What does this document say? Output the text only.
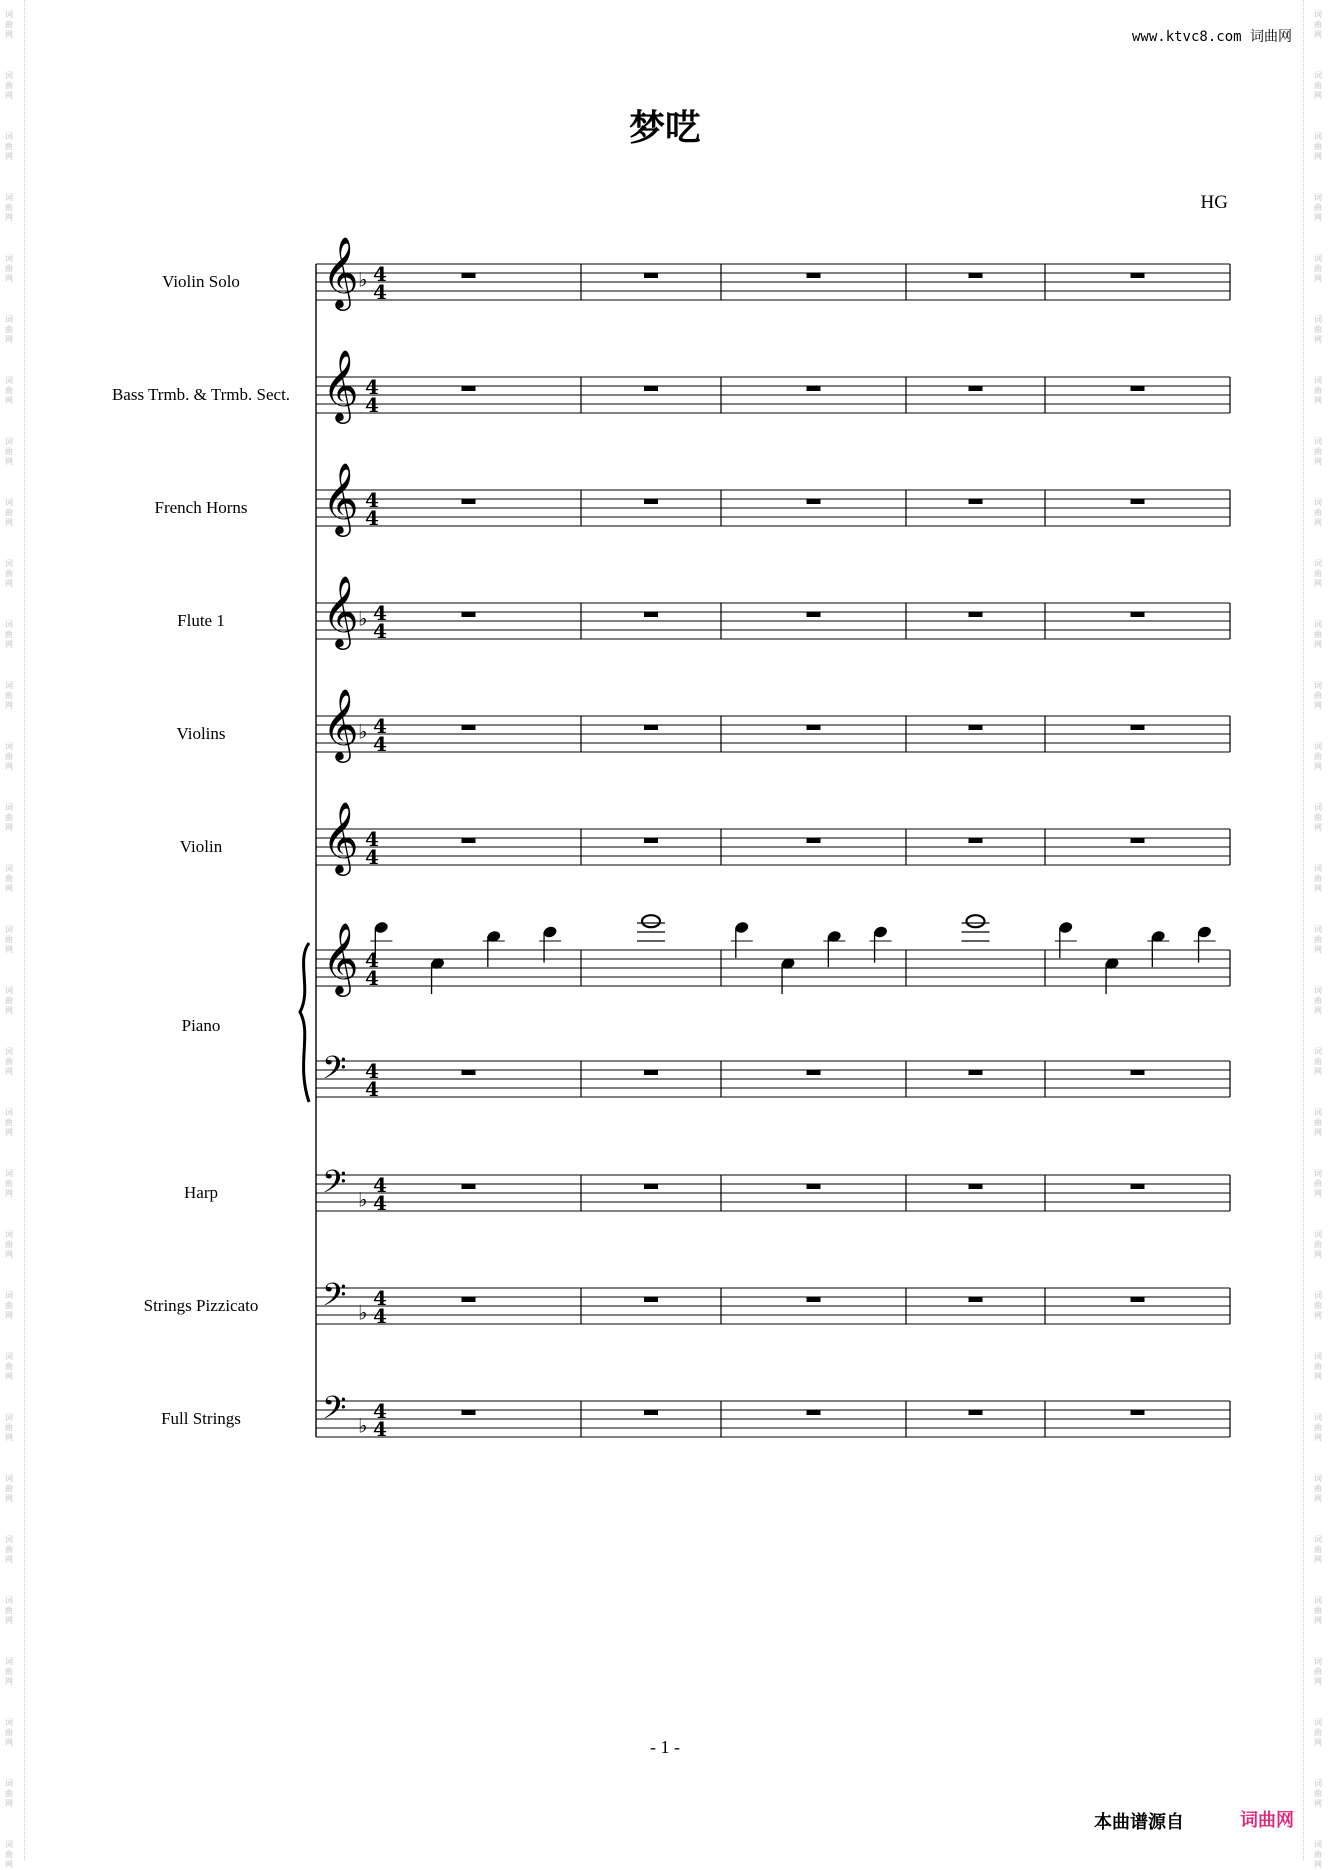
词
曲
网
词
曲
网
词
曲
网
词
曲
网
词
曲
网
词
曲
网
词
曲
网
词
曲
网
词
曲
网
词
曲
网
词
曲
网
词
曲
网
词
曲
网
词
曲
网
词
曲
网
词
曲
网
词
曲
网
词
曲
网
词
曲
网
词
曲
网
词
曲
网
词
曲
网
词
曲
网
词
曲
网
词
曲
网
词
曲
网
词
曲
网
词
曲
网
词
曲
网
词
曲
网
词
曲
网
词
曲
网
词
曲
网
词
曲
网
词
曲
网
词
曲
网
词
曲
网
词
曲
网
词
曲
网
词
曲
网
词
曲
网
词
曲
网
词
曲
网
词
曲
网
词
曲
网
词
曲
网
词
曲
网
词
曲
网
词
曲
网
词
曲
网
词
曲
网
词
曲
网
词
曲
网
词
曲
网
词
曲
网
词
曲
网
词
曲
网
词
曲
网
词
曲
网
词
曲
网
词
曲
网
词
曲
网
www.ktvc8.com 词曲网
梦呓
HG
𝄞 ♭ 4
4
Violin Solo
𝄞 4
4
Bass Trmb. & Trmb. Sect.
𝄞 4
4
French Horns
𝄞 ♭ 4
4
Flute 1
𝄞 ♭ 4
4
Violins
𝄞 4
4
Violin
𝄞 4
4
𝄢 4
4
Piano
𝄢 ♭
4
4
Harp
𝄢 ♭
4
4
Strings Pizzicato
𝄢 ♭
4
4
Full Strings
- 1 -
本曲谱源自	词曲网
